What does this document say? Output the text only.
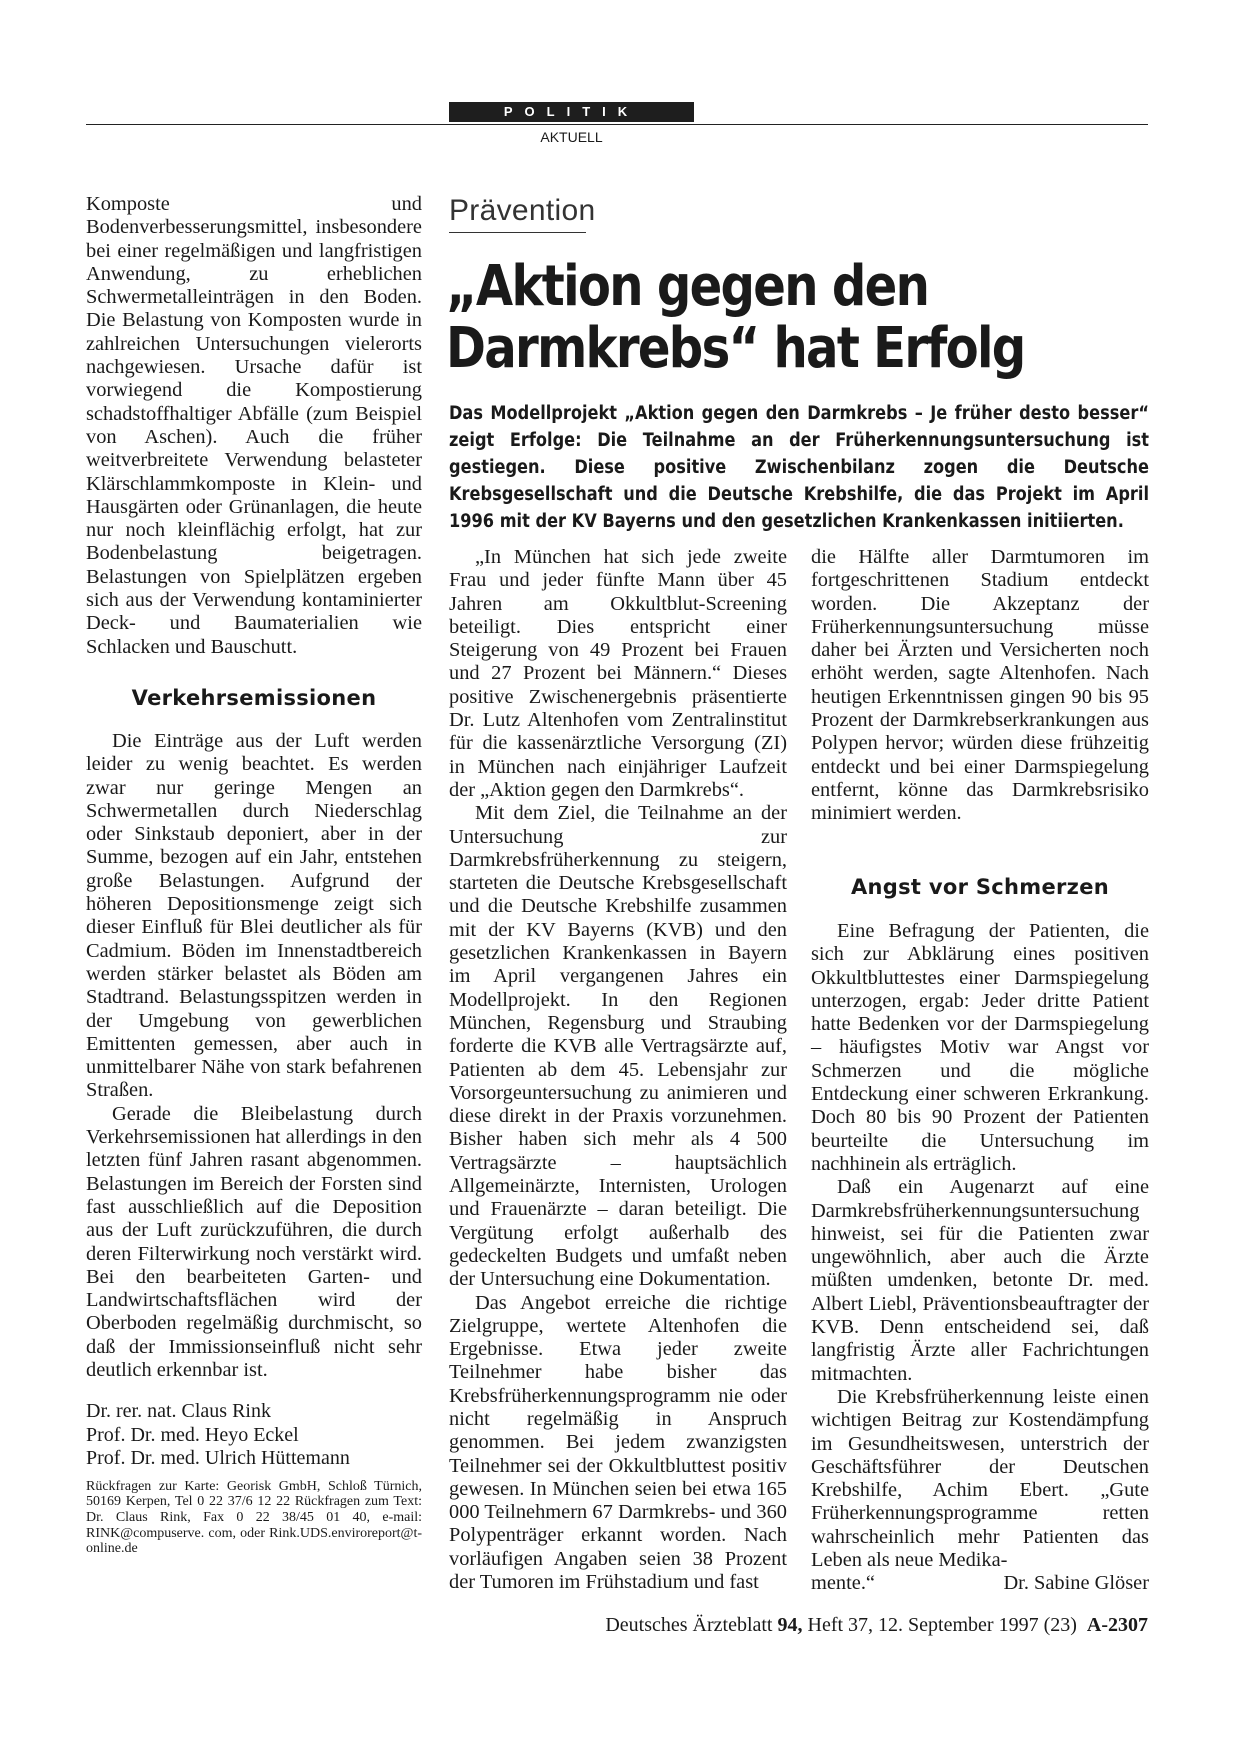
POLITIK
AKTUELL

Komposte und Bodenverbesserungsmittel, insbesondere bei einer regelmäßigen und langfristigen Anwendung, zu erheblichen Schwermetalleinträgen in den Boden. Die Belastung von Komposten wurde in zahlreichen Untersuchungen vielerorts nachgewiesen. Ursache dafür ist vorwiegend die Kompostierung schadstoffhaltiger Abfälle (zum Beispiel von Aschen). Auch die früher weitverbreitete Verwendung belasteter Klärschlammkomposte in Klein- und Hausgärten oder Grünanlagen, die heute nur noch kleinflächig erfolgt, hat zur Bodenbelastung beigetragen. Belastungen von Spielplätzen ergeben sich aus der Verwendung kontaminierter Deck- und Baumaterialien wie Schlacken und Bauschutt.

Verkehrsemissionen

Die Einträge aus der Luft werden leider zu wenig beachtet. Es werden zwar nur geringe Mengen an Schwermetallen durch Niederschlag oder Sinkstaub deponiert, aber in der Summe, bezogen auf ein Jahr, entstehen große Belastungen. Aufgrund der höheren Depositionsmenge zeigt sich dieser Einfluß für Blei deutlicher als für Cadmium. Böden im Innenstadtbereich werden stärker belastet als Böden am Stadtrand. Belastungsspitzen werden in der Umgebung von gewerblichen Emittenten gemessen, aber auch in unmittelbarer Nähe von stark befahrenen Straßen.

Gerade die Bleibelastung durch Verkehrsemissionen hat allerdings in den letzten fünf Jahren rasant abgenommen. Belastungen im Bereich der Forsten sind fast ausschließlich auf die Deposition aus der Luft zurückzuführen, die durch deren Filterwirkung noch verstärkt wird. Bei den bearbeiteten Garten- und Landwirtschaftsflächen wird der Oberboden regelmäßig durchmischt, so daß der Immissionseinfluß nicht sehr deutlich erkennbar ist.

Dr. rer. nat. Claus Rink
Prof. Dr. med. Heyo Eckel
Prof. Dr. med. Ulrich Hüttemann
Rückfragen zur Karte: Georisk GmbH, Schloß Türnich, 50169 Kerpen, Tel 0 22 37/6 12 22 Rückfragen zum Text: Dr. Claus Rink, Fax 0 22 38/45 01 40, e-mail: RINK@compuserve. com, oder Rink.UDS.enviroreport@t-online.de
Prävention
„Aktion gegen den Darmkrebs“ hat Erfolg

Das Modellprojekt „Aktion gegen den Darmkrebs – Je früher desto besser“ zeigt Erfolge: Die Teilnahme an der Früherkennungsuntersuchung ist gestiegen. Diese positive Zwischenbilanz zogen die Deutsche Krebsgesellschaft und die Deutsche Krebshilfe, die das Projekt im April 1996 mit der KV Bayerns und den gesetzlichen Krankenkassen initiierten.

„In München hat sich jede zweite Frau und jeder fünfte Mann über 45 Jahren am Okkultblut-Screening beteiligt. Dies entspricht einer Steigerung von 49 Prozent bei Frauen und 27 Prozent bei Männern.“ Dieses positive Zwischenergebnis präsentierte Dr. Lutz Altenhofen vom Zentralinstitut für die kassenärztliche Versorgung (ZI) in München nach einjähriger Laufzeit der „Aktion gegen den Darmkrebs“.

Mit dem Ziel, die Teilnahme an der Untersuchung zur Darmkrebsfrüherkennung zu steigern, starteten die Deutsche Krebsgesellschaft und die Deutsche Krebshilfe zusammen mit der KV Bayerns (KVB) und den gesetzlichen Krankenkassen in Bayern im April vergangenen Jahres ein Modellprojekt. In den Regionen München, Regensburg und Straubing forderte die KVB alle Vertragsärzte auf, Patienten ab dem 45. Lebensjahr zur Vorsorgeuntersuchung zu animieren und diese direkt in der Praxis vorzunehmen. Bisher haben sich mehr als 4 500 Vertragsärzte – hauptsächlich Allgemeinärzte, Internisten, Urologen und Frauenärzte – daran beteiligt. Die Vergütung erfolgt außerhalb des gedeckelten Budgets und umfaßt neben der Untersuchung eine Dokumentation.

Das Angebot erreiche die richtige Zielgruppe, wertete Altenhofen die Ergebnisse. Etwa jeder zweite Teilnehmer habe bisher das Krebsfrüherkennungsprogramm nie oder nicht regelmäßig in Anspruch genommen. Bei jedem zwanzigsten Teilnehmer sei der Okkultbluttest positiv gewesen. In München seien bei etwa 165 000 Teilnehmern 67 Darmkrebs- und 360 Polypenträger erkannt worden. Nach vorläufigen Angaben seien 38 Prozent der Tumoren im Frühstadium und fast

die Hälfte aller Darmtumoren im fortgeschrittenen Stadium entdeckt worden. Die Akzeptanz der Früherkennungsuntersuchung müsse daher bei Ärzten und Versicherten noch erhöht werden, sagte Altenhofen. Nach heutigen Erkenntnissen gingen 90 bis 95 Prozent der Darmkrebserkrankungen aus Polypen hervor; würden diese frühzeitig entdeckt und bei einer Darmspiegelung entfernt, könne das Darmkrebsrisiko minimiert werden.

Angst vor Schmerzen

Eine Befragung der Patienten, die sich zur Abklärung eines positiven Okkultbluttestes einer Darmspiegelung unterzogen, ergab: Jeder dritte Patient hatte Bedenken vor der Darmspiegelung – häufigstes Motiv war Angst vor Schmerzen und die mögliche Entdeckung einer schweren Erkrankung. Doch 80 bis 90 Prozent der Patienten beurteilte die Untersuchung im nachhinein als erträglich.

Daß ein Augenarzt auf eine Darmkrebsfrüherkennungsuntersuchung hinweist, sei für die Patienten zwar ungewöhnlich, aber auch die Ärzte müßten umdenken, betonte Dr. med. Albert Liebl, Präventionsbeauftragter der KVB. Denn entscheidend sei, daß langfristig Ärzte aller Fachrichtungen mitmachten.

Die Krebsfrüherkennung leiste einen wichtigen Beitrag zur Kostendämpfung im Gesundheitswesen, unterstrich der Geschäftsführer der Deutschen Krebshilfe, Achim Ebert. „Gute Früherkennungsprogramme retten wahrscheinlich mehr Patienten das Leben als neue Medika-

mente.“	Dr. Sabine Glöser
Deutsches Ärzteblatt 94, Heft 37, 12. September 1997 (23) A-2307
